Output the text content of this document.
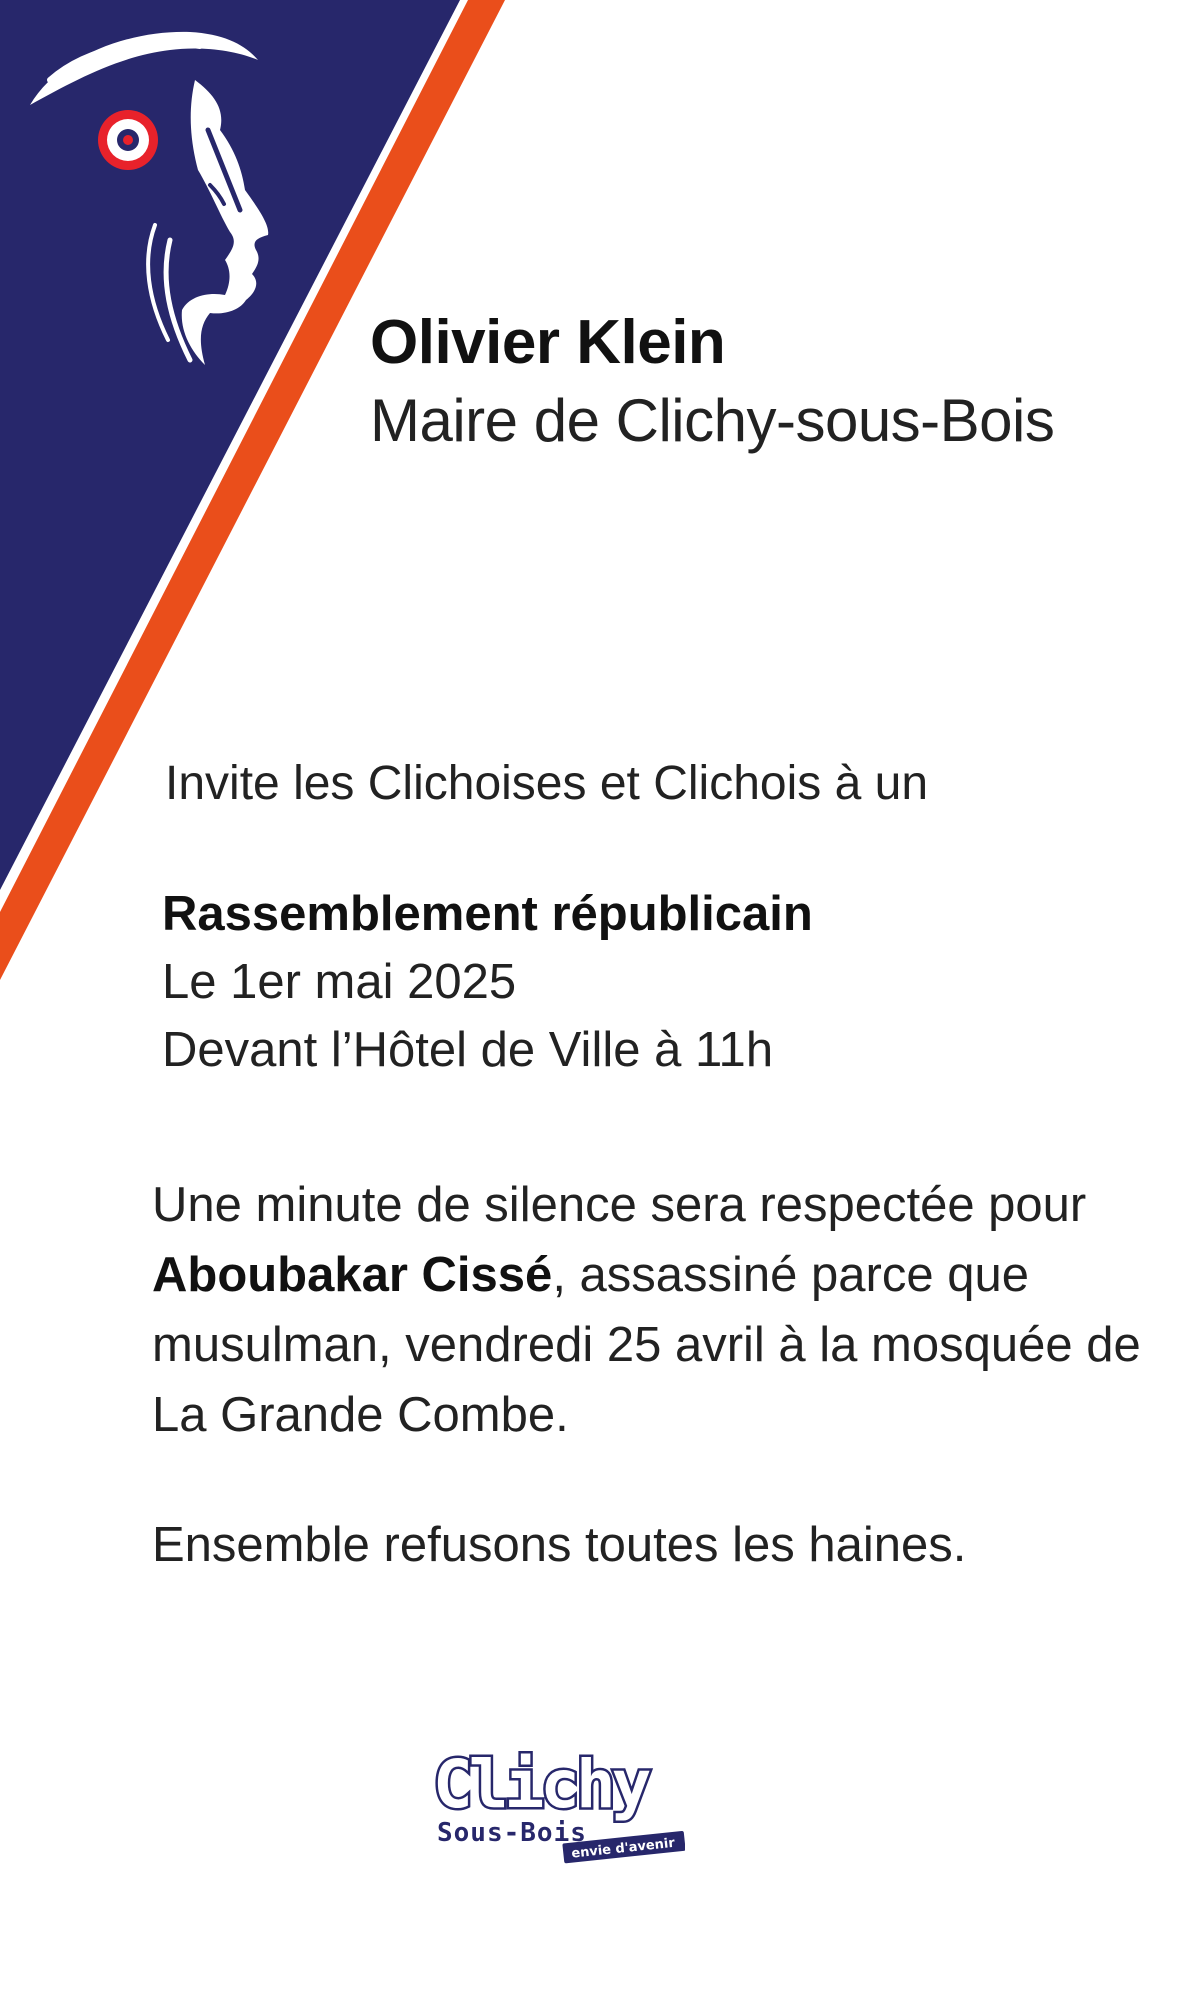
Olivier Klein
Maire de Clichy-sous-Bois
Invite les Clichoises et Clichois à un
Rassemblement républicain
Le 1er mai 2025
Devant l’Hôtel de Ville à 11h
Une minute de silence sera respectée pour Aboubakar Cissé, assassiné parce que musulman, vendredi 25 avril à la mosquée de La Grande Combe.
Ensemble refusons toutes les haines.
Clichy
Sous-Bois
envie d'avenir
